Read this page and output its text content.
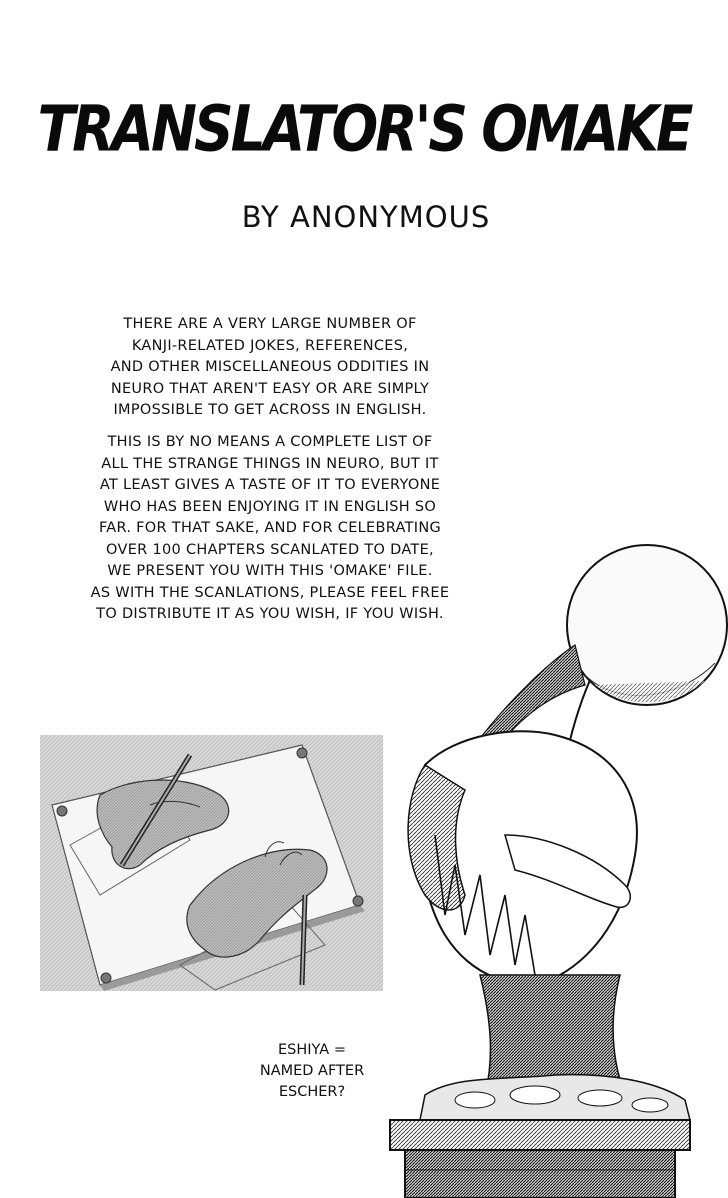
TRANSLATOR'S OMAKE
BY ANONYMOUS

THERE ARE A VERY LARGE NUMBER OF
KANJI-RELATED JOKES, REFERENCES,
AND OTHER MISCELLANEOUS ODDITIES IN
NEURO THAT AREN'T EASY OR ARE SIMPLY
IMPOSSIBLE TO GET ACROSS IN ENGLISH.

THIS IS BY NO MEANS A COMPLETE LIST OF
ALL THE STRANGE THINGS IN NEURO, BUT IT
AT LEAST GIVES A TASTE OF IT TO EVERYONE
WHO HAS BEEN ENJOYING IT IN ENGLISH SO
FAR. FOR THAT SAKE, AND FOR CELEBRATING
OVER 100 CHAPTERS SCANLATED TO DATE,
WE PRESENT YOU WITH THIS 'OMAKE' FILE.
AS WITH THE SCANLATIONS, PLEASE FEEL FREE
TO DISTRIBUTE IT AS YOU WISH, IF YOU WISH.

ESHIYA =
NAMED AFTER
ESCHER?
